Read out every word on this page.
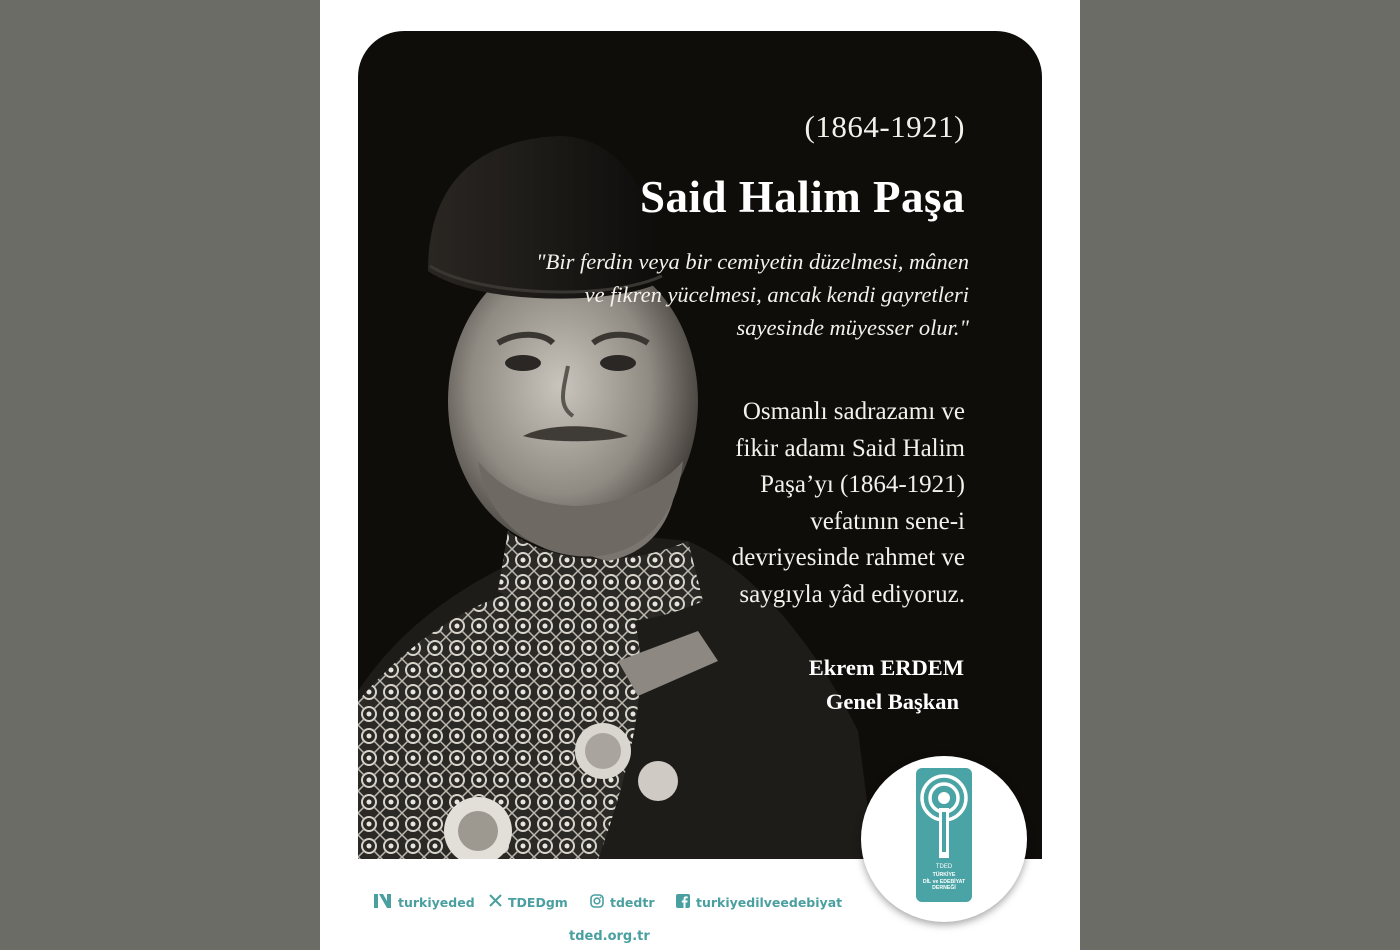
(1864-1921)
Said Halim Paşa
"Bir ferdin veya bir cemiyetin düzelmesi, mânen
ve fikren yücelmesi, ancak kendi gayretleri
sayesinde müyesser olur."
Osmanlı sadrazamı ve
fikir adamı Said Halim
Paşa’yı (1864-1921)
vefatının sene-i
devriyesinde rahmet ve
saygıyla yâd ediyoruz.
Ekrem ERDEM
Genel Başkan
TDED
TÜRKİYE
DİL ve EDEBİYAT
DERNEĞİ
turkiyeded	TDEDgm	tdedtr	turkiyedilveedebiyat
tded.org.tr
